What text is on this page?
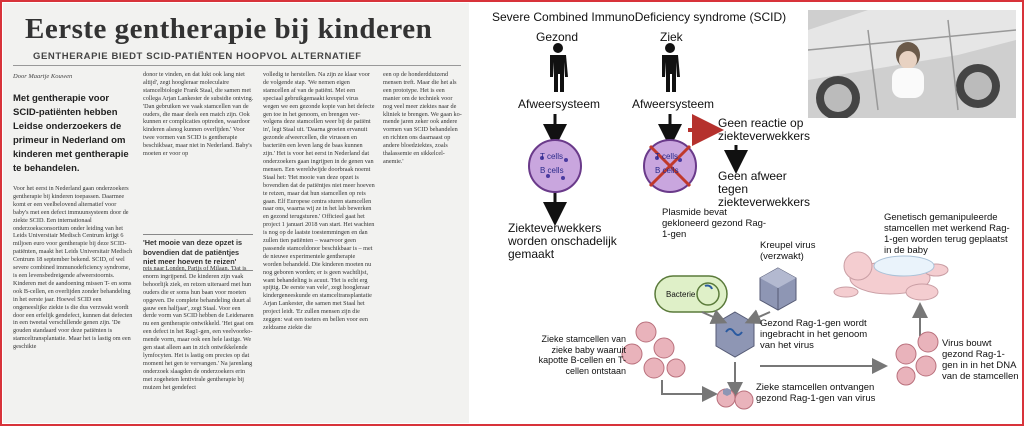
Eerste gentherapie bij kinderen
GENTHERAPIE BIEDT SCID-PATIËNTEN HOOPVOL ALTERNATIEF
Door Maartje Kouwen
Met gentherapie voor SCID-patiënten hebben Leidse onderzoekers de primeur in Nederland om kinderen met gentherapie te behandelen.

Voor het eerst in Nederland gaan onderzoekers gentherapie bij kinderen toepassen. Daarmee komt er een veelbelovend alternatief voor baby's met een defect immuunsysteem door de ziekte SCID. Een internationaal onderzoeksconsortium onder leiding van het Leids Universitair Medisch Centrum krijgt 6 miljoen euro voor gentherapie bij deze SCID-patiënten, maakt het Leids Universitair Medisch Centrum 18 september bekend. SCID, of wel severe combined immunodeficiency syndrome, is een levensbedreigende afweerstoornis. Kinderen met de aandoening missen T- en soms ook B-cellen, en overlijden zonder behandeling in het eerste jaar. Hoewel SCID een ongeneeslijke ziekte is die dus verzwakt wordt door een erfelijk gendefect, kunnen dat defecten in een tweetal verschillende genen zijn. 'De gouden standaard voor deze patiënten is stamceltransplantatie. Maar het is lastig om een geschikte

donor te vinden, en dat lukt ook lang niet altijd', zegt hoogleraar moleculaire stamcelbiologie Frank Staal, die samen met collega Arjan Lankester de subsidie ontving. 'Dan gebruiken we vaak stamcellen van de ouders, die maar deels een match zijn. Ook kunnen er complicaties optreden, waardoor kinderen alsnog kunnen overlijden.' Voor twee vormen van SCID is gentherapie beschikbaar, maar niet in Nederland. Baby's moeten er voor op

'Het mooie van deze opzet is bovendien dat de patiëntjes niet meer hoeven te reizen'

reis naar Londen, Parijs of Milaan. 'Dat is enorm ingrijpend. De kinderen zijn vaak behoorlijk ziek, en reizen uiteraard met hun ouders die er soms hun baan voor moeten opgeven. De complete behandeling duurt al gauw een halfjaar', zegt Staal. Voor een derde vorm van SCID hebben de Leidenaren nu een gentherapie ontwikkeld. 'Het gaat om een defect in het Rag1-gen, een veelvoorkomende vorm, maar ook een hele lastige. We gen staat alleen aan in zich ontwikkelende lymfocyten. Het is lastig om precies op dat moment het gen te vervangen.' Na jarenlang onderzoek slaagden de onderzoekers erin met zogeheten lentivirale gentherapie bij muizen het gendefect

volledig te herstellen. Na zijn ze klaar voor de volgende stap. 'We nemen eigen stamcellen af van de patiënt. Met een speciaal gebruikgemaakt kreupel virus wegen we een gezonde kopie van het defecte gen toe in het genoom, en brengen vervolgens deze stamcellen weer bij de patiënt in', legt Staal uit. 'Daarna groeien ervanuit gezonde afweercellen, die virussen en bacteriën een leven lang de baas kunnen zijn.' Het is voor het eerst in Nederland dat onderzoekers gaan ingrijpen in de genen van mensen. Een wereldwijde doorbraak noemt Staal het: 'Het mooie van deze opzet is bovendien dat de patiëntjes niet meer hoeven te reizen, maar dat hun stamcellen op reis gaan. Elf Europese centra sturen stamcellen naar ons, waarna wij ze in het lab bewerken en gezond terugsturen.' Officieel gaat het project 1 januari 2018 van start. Het wachten is nog op de laatste toestemmingen en dan zullen tien patiënten – waarvoor geen passende stamceldonor beschikbaar is – met de nieuwe experimentele gentherapie worden behandeld. Die kinderen moeten nu nog geboren worden; er is geen wachtlijst, want behandeling is acuut. 'Het is echt erg spijtig. De eerste van vele', zegt hoogleraar kindergeneeskunde en stamceltransplantatie Arjan Lankester, die samen met Staal het project leidt. 'Er zullen mensen zijn die zeggen: wat een toeters en bellen voor een zeldzame ziekte die

een op de honderdduizend mensen treft. Maar die het als een prototype. Het is een manier om de techniek voor nog veel meer ziektes naar de kliniek te brengen. We gaan komende jaren zeker ook andere vormen van SCID behandelen en richten ons daarnaast op andere bloedziektes, zoals thalassemie en sikkelcelanemie.'

Severe Combined ImmunoDeficiency syndrome (SCID)
Gezond	Ziek
Afweersysteem	Afweersysteem
T cells
B cells
T cells
B cells
Ziekteverwekkers worden onschadelijk gemaakt
Geen reactie op ziekteverwekkers
Geen afweer tegen ziekteverwekkers
Plasmide bevat gekloneerd gezond Rag-1-gen
Bacterie
Kreupel virus (verzwakt)
Gezond Rag-1-gen wordt ingebracht in het genoom van het virus
Zieke stamcellen van zieke baby waaruit kapotte B-cellen en T-cellen ontstaan
Zieke stamcellen ontvangen gezond Rag-1-gen van virus
Virus bouwt gezond Rag-1-gen in in het DNA van de stamcellen
Genetisch gemanipuleerde stamcellen met werkend Rag-1-gen worden terug geplaatst in de baby
